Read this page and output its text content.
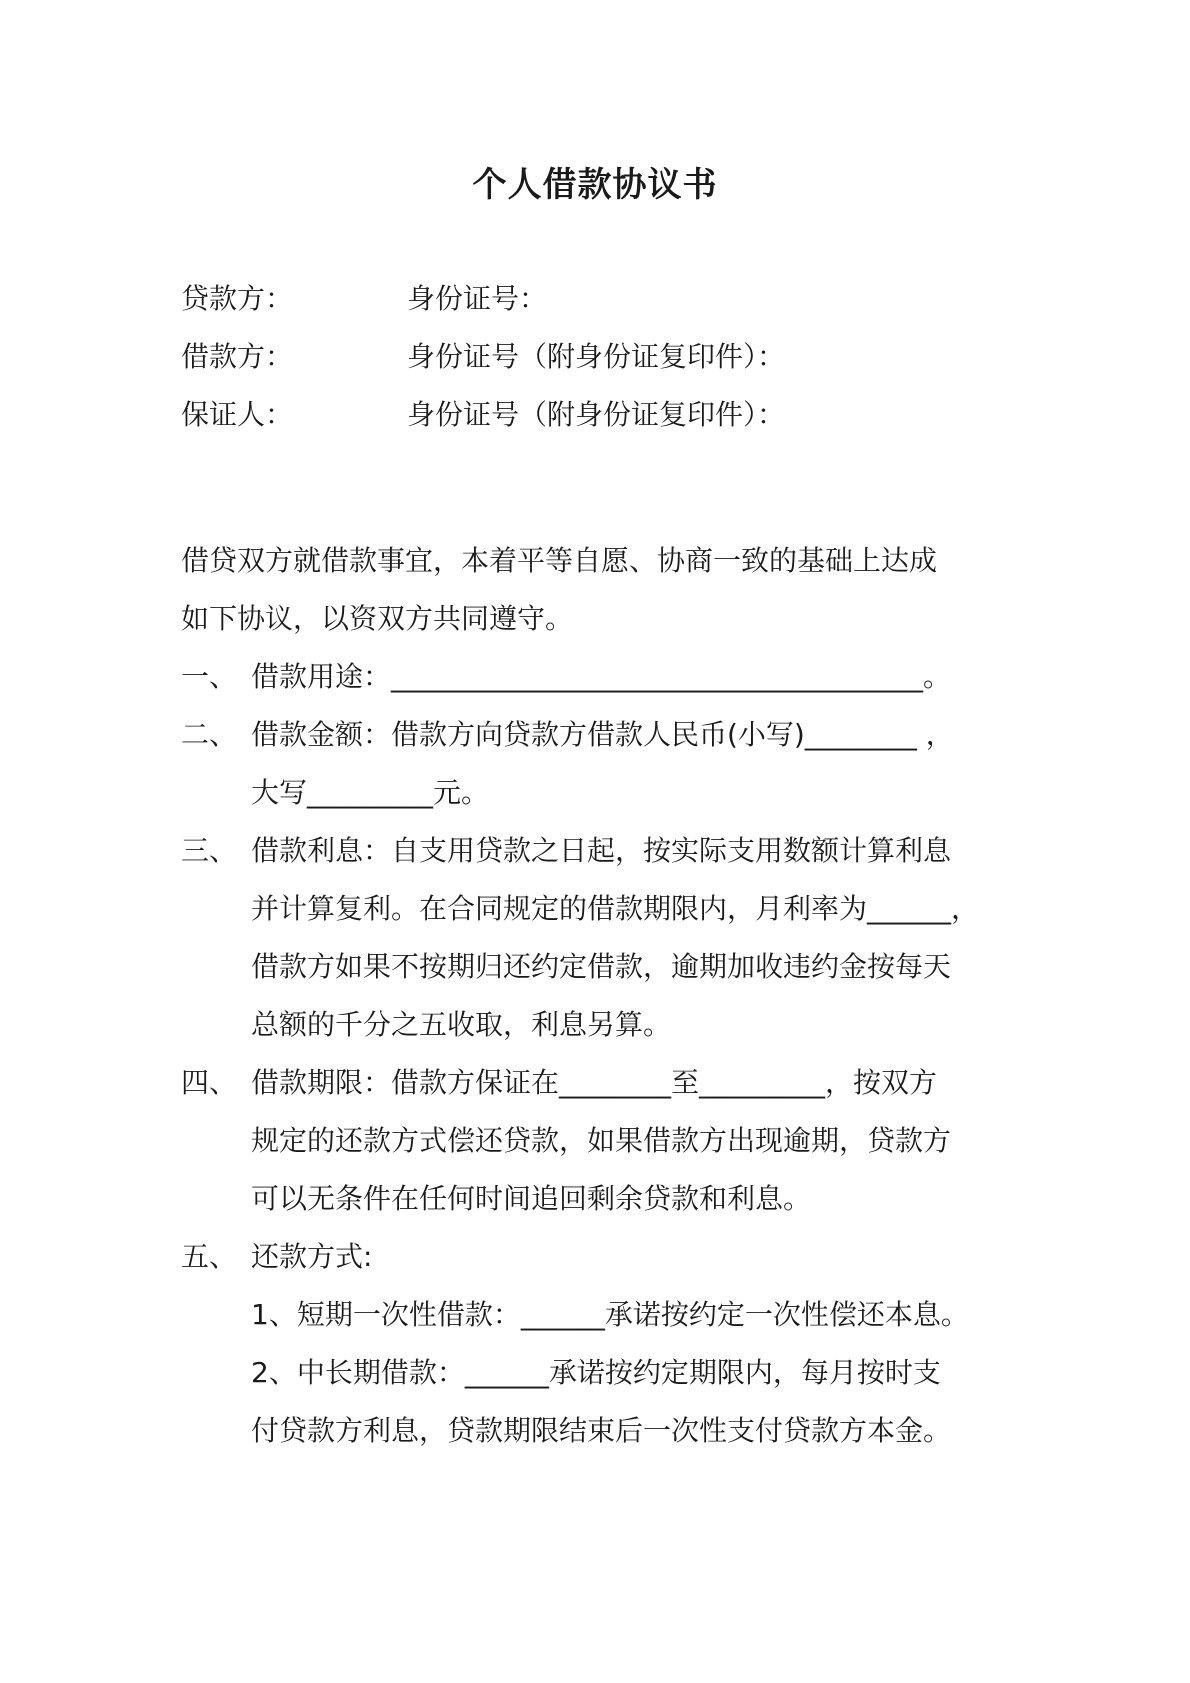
个人借款协议书
贷款方：	身份证号：
借款方：	身份证号（附身份证复印件）：
保证人：	身份证号（附身份证复印件）：
借贷双方就借款事宜，本着平等自愿、协商一致的基础上达成
如下协议，以资双方共同遵守。
一、 借款用途：______________________________________。
二、 借款金额：借款方向贷款方借款人民币(小写)________ ，
大写_________元。
三、 借款利息：自支用贷款之日起，按实际支用数额计算利息
并计算复利。在合同规定的借款期限内，月利率为______，
借款方如果不按期归还约定借款，逾期加收违约金按每天
总额的千分之五收取，利息另算。
四、 借款期限：借款方保证在________至_________，按双方
规定的还款方式偿还贷款，如果借款方出现逾期，贷款方
可以无条件在任何时间追回剩余贷款和利息。
五、 还款方式:
1、短期一次性借款：______承诺按约定一次性偿还本息。
2、中长期借款：______承诺按约定期限内，每月按时支
付贷款方利息，贷款期限结束后一次性支付贷款方本金。
